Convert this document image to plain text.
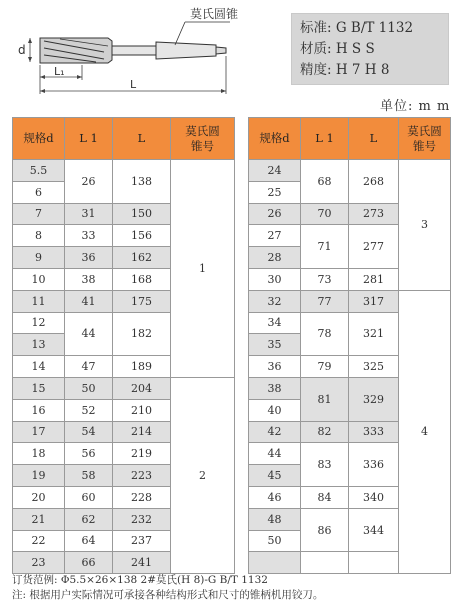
莫氏圆锥
d
L₁
L
标准: G B/T 1132
材质: H S S
精度: H 7 H 8
单位: m m
规格d	L 1	L	莫氏圆
锥号
5.5	26	138	1
6			
7	31	150	
8	33	156	
9	36	162	
10	38	168	
11	41	175	
12	44	182	
13			
14	47	189	
15	50	204	2
16	52	210	
17	54	214	
18	56	219	
19	58	223	
20	60	228	
21	62	232	
22	64	237	
23	66	241	
规格d	L 1	L	莫氏圆
锥号
24	68	268	3
25			
26	70	273	
27	71	277	
28			
30	73	281	
32	77	317	4
34	78	321	
35			
36	79	325	
38	81	329	
40			
42	82	333	
44	83	336	
45			
46	84	340	
48	86	344	
50			

订货范例: Φ5.5×26×138 2#莫氏(H 8)-G B/T 1132
注: 根据用户实际情况可承接各种结构形式和尺寸的锥柄机用铰刀。
